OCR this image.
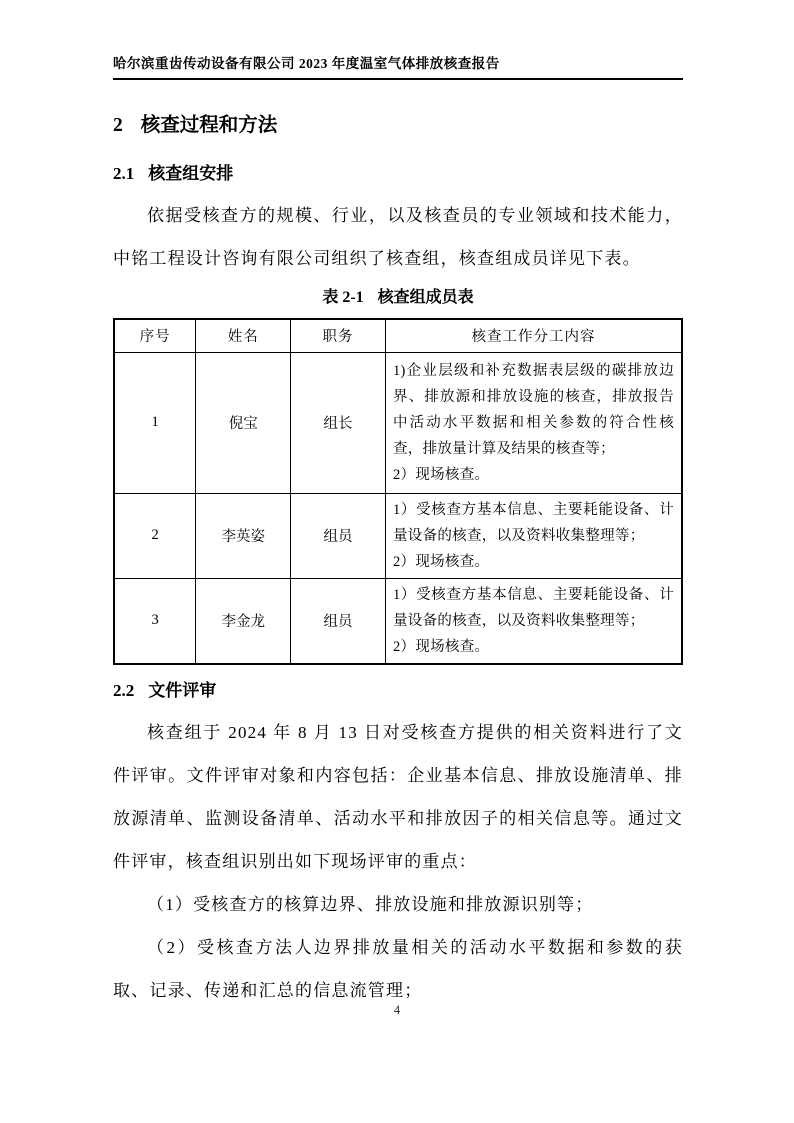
哈尔滨重齿传动设备有限公司 2023 年度温室气体排放核查报告
2 核查过程和方法
2.1 核查组安排

依据受核查方的规模、行业，以及核查员的专业领域和技术能力，中铭工程设计咨询有限公司组织了核查组，核查组成员详见下表。

表 2-1 核查组成员表
序号	姓名	职务	核查工作分工内容
1	倪宝	组长	1)企业层级和补充数据表层级的碳排放边界、排放源和排放设施的核查，排放报告中活动水平数据和相关参数的符合性核查，排放量计算及结果的核查等；
2）现场核查。

2	李英姿	组员	1）受核查方基本信息、主要耗能设备、计量设备的核查，以及资料收集整理等；
2）现场核查。

3	李金龙	组员	1）受核查方基本信息、主要耗能设备、计量设备的核查，以及资料收集整理等；
2）现场核查。
2.2 文件评审

核查组于 2024 年 8 月 13 日对受核查方提供的相关资料进行了文件评审。文件评审对象和内容包括：企业基本信息、排放设施清单、排放源清单、监测设备清单、活动水平和排放因子的相关信息等。通过文件评审，核查组识别出如下现场评审的重点：

（1）受核查方的核算边界、排放设施和排放源识别等；

（2）受核查方法人边界排放量相关的活动水平数据和参数的获取、记录、传递和汇总的信息流管理；

4
